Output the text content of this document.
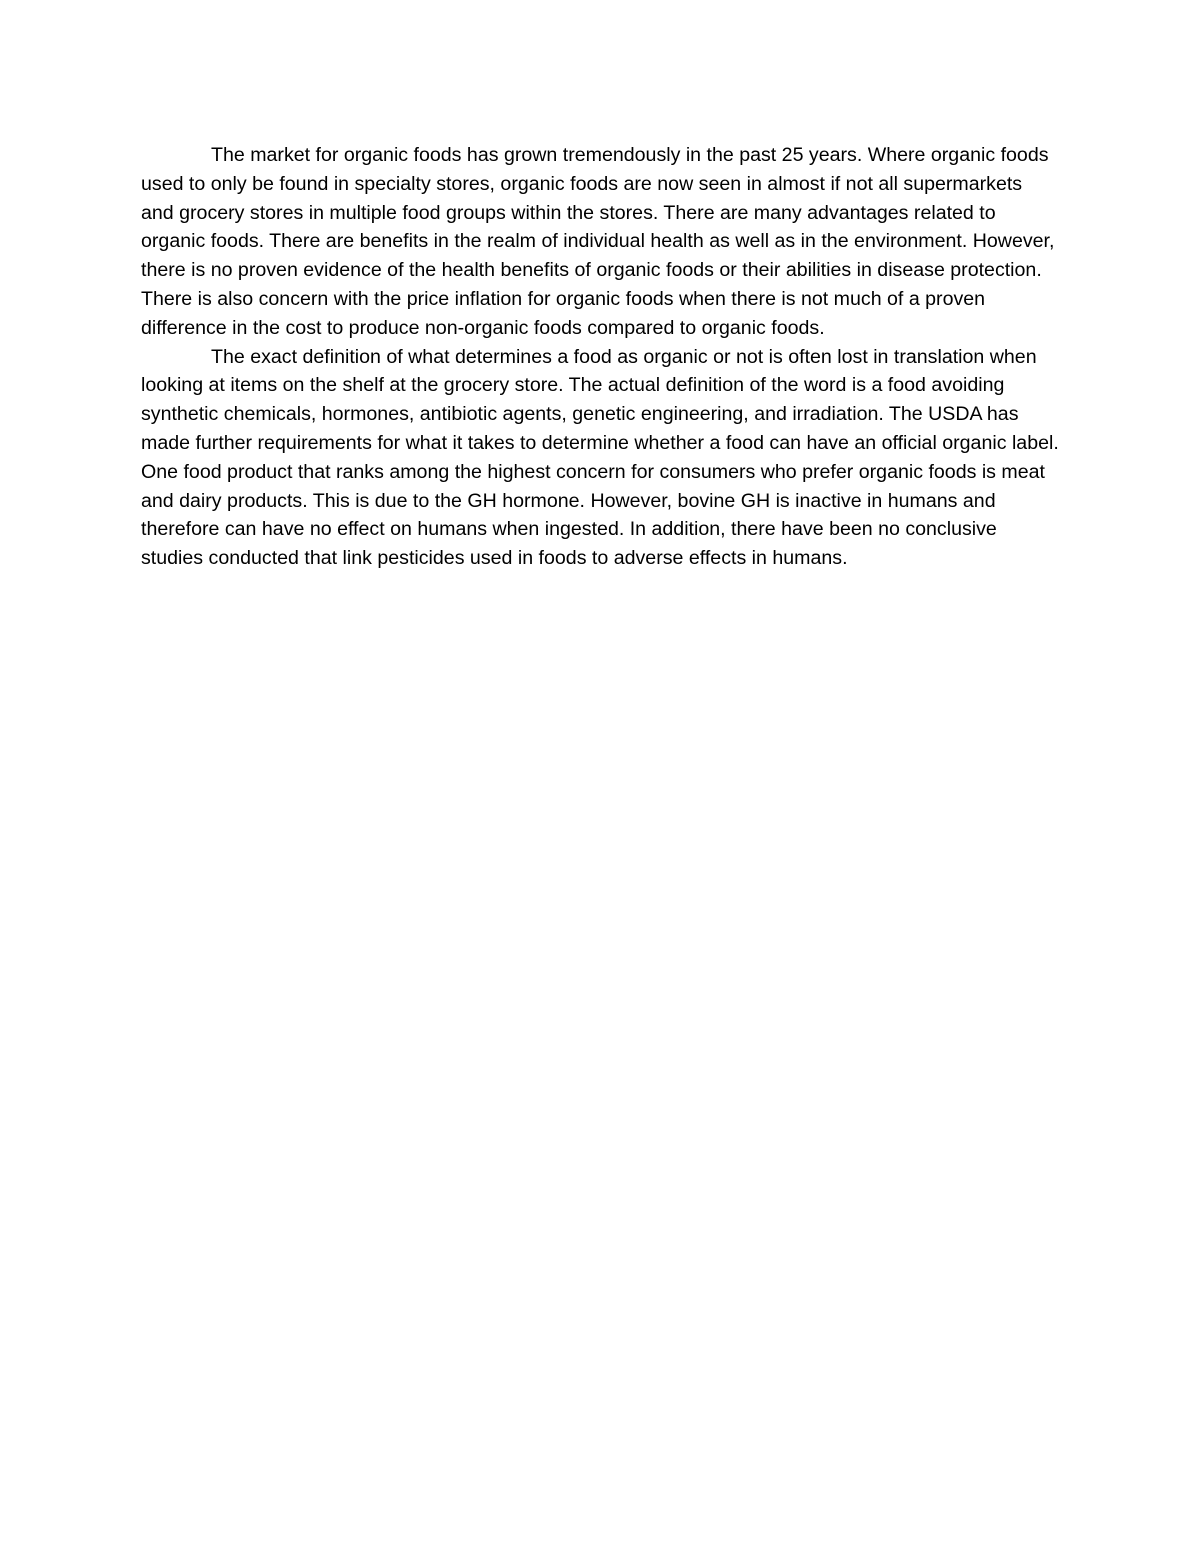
The market for organic foods has grown tremendously in the past 25 years. Where organic foods used to only be found in specialty stores, organic foods are now seen in almost if not all supermarkets and grocery stores in multiple food groups within the stores. There are many advantages related to organic foods. There are benefits in the realm of individual health as well as in the environment. However, there is no proven evidence of the health benefits of organic foods or their abilities in disease protection. There is also concern with the price inflation for organic foods when there is not much of a proven difference in the cost to produce non-organic foods compared to organic foods.

The exact definition of what determines a food as organic or not is often lost in translation when looking at items on the shelf at the grocery store. The actual definition of the word is a food avoiding synthetic chemicals, hormones, antibiotic agents, genetic engineering, and irradiation. The USDA has made further requirements for what it takes to determine whether a food can have an official organic label. One food product that ranks among the highest concern for consumers who prefer organic foods is meat and dairy products. This is due to the GH hormone. However, bovine GH is inactive in humans and therefore can have no effect on humans when ingested. In addition, there have been no conclusive studies conducted that link pesticides used in foods to adverse effects in humans.
